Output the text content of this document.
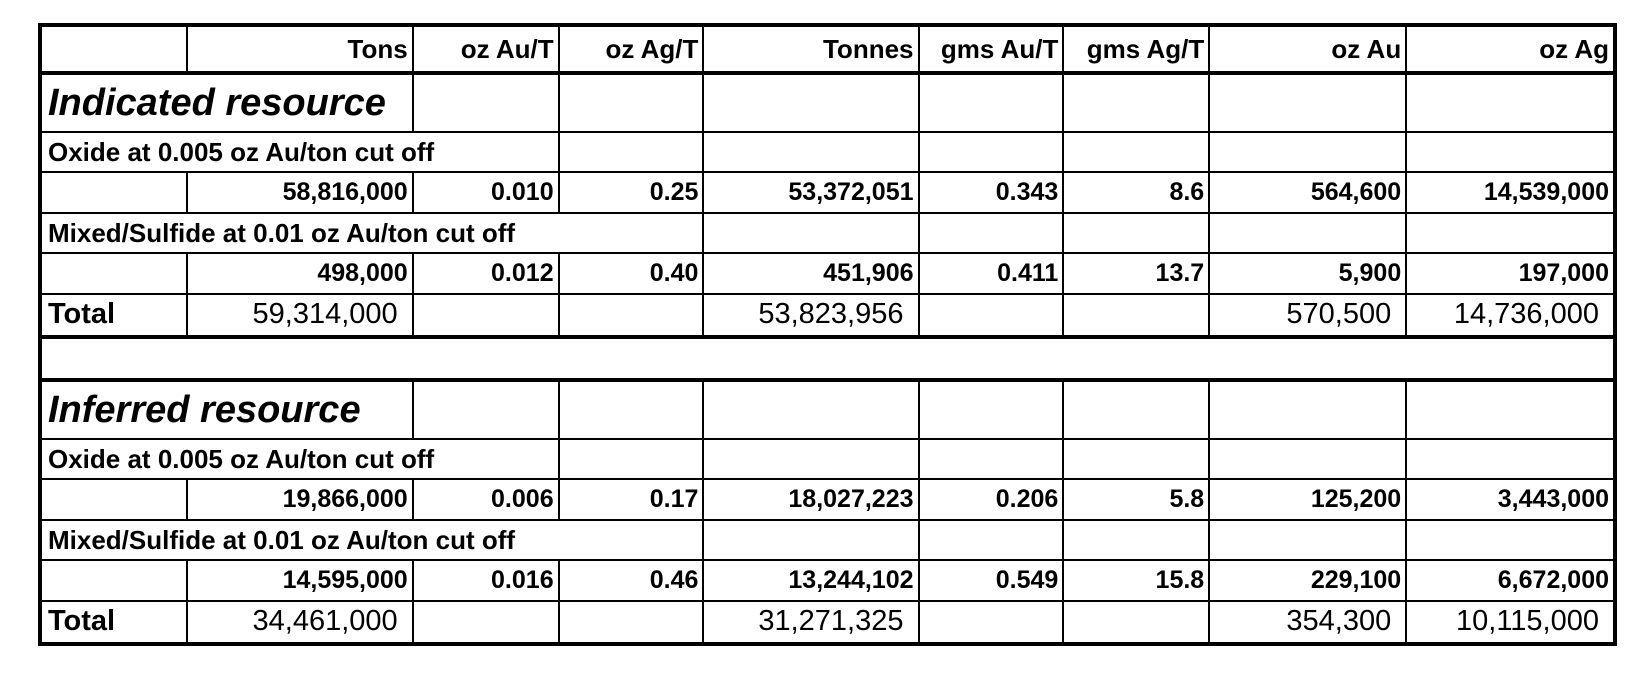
	Tons	oz Au/T	oz Ag/T	Tonnes	gms Au/T	gms Ag/T	oz Au	oz Ag
Indicated resource								
Oxide at 0.005 oz Au/ton cut off								
	58,816,000	0.010	0.25	53,372,051	0.343	8.6	564,600	14,539,000
Mixed/Sulfide at 0.01 oz Au/ton cut off								
	498,000	0.012	0.40	451,906	0.411	13.7	5,900	197,000
Total	59,314,000			53,823,956			570,500	14,736,000

Inferred resource								
Oxide at 0.005 oz Au/ton cut off								
	19,866,000	0.006	0.17	18,027,223	0.206	5.8	125,200	3,443,000
Mixed/Sulfide at 0.01 oz Au/ton cut off								
	14,595,000	0.016	0.46	13,244,102	0.549	15.8	229,100	6,672,000
Total	34,461,000			31,271,325			354,300	10,115,000
